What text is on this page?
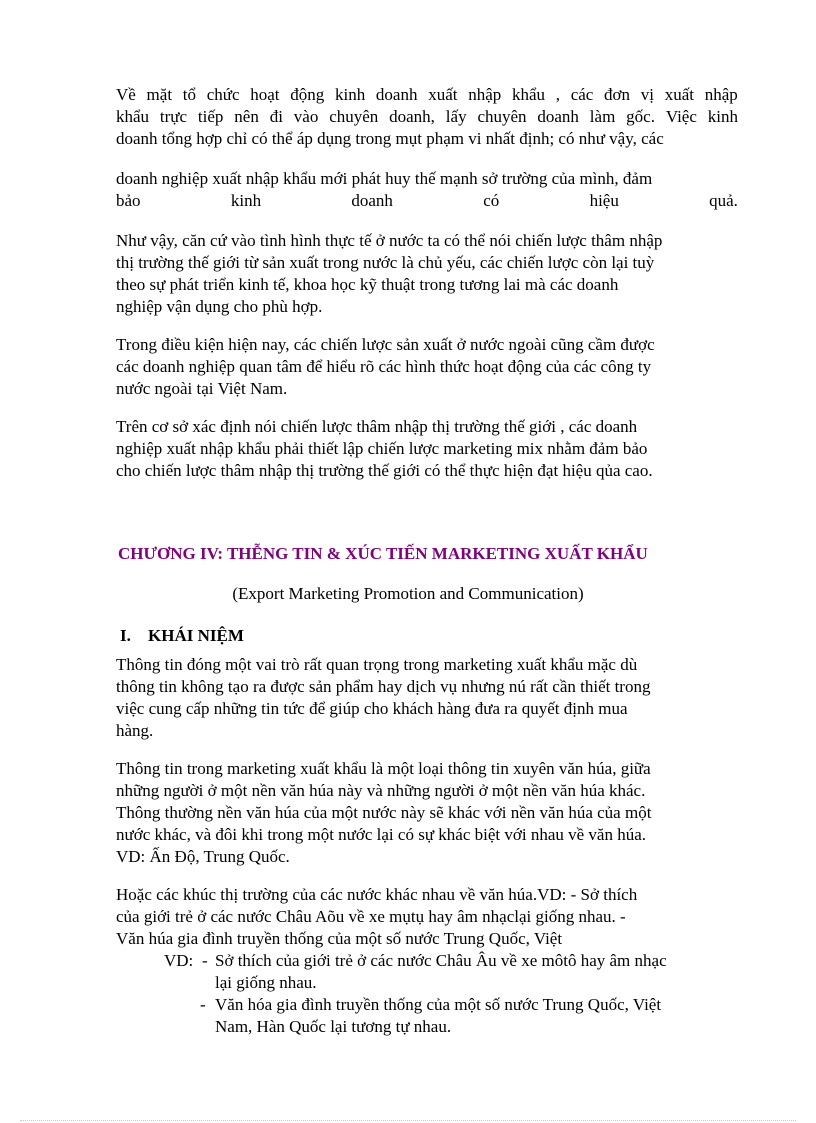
Về mặt tổ chức hoạt động kinh doanh xuất nhập khẩu , các đơn vị xuất nhập
khẩu trực tiếp nên đi vào chuyên doanh, lấy chuyên doanh làm gốc. Việc kinh
doanh tổng hợp chỉ có thể áp dụng trong mụt phạm vi nhất định; có như vậy, các
doanh nghiệp xuất nhập khẩu mới phát huy thế mạnh sở trường của mình, đảm
bảo	kinh	doanh	có	hiệu	quả.
Như vậy, căn cứ vào tình hình thực tế ở nước ta có thể nói chiến lược thâm nhập
thị trường thế giới từ sản xuất trong nước là chủ yếu, các chiến lược còn lại tuỳ
theo sự phát triển kinh tế, khoa học kỹ thuật trong tương lai mà các doanh
nghiệp vận dụng cho phù hợp.
Trong điều kiện hiện nay, các chiến lược sản xuất ở nước ngoài cũng cầm được
các doanh nghiệp quan tâm để hiểu rõ các hình thức hoạt động của các công ty
nước ngoài tại Việt Nam.
Trên cơ sở xác định nói chiến lược thâm nhập thị trường thế giới , các doanh
nghiệp xuất nhập khẩu phải thiết lập chiến lược marketing mix nhằm đảm bảo
cho chiến lược thâm nhập thị trường thế giới có thể thực hiện đạt hiệu qủa cao.
CHƯƠNG IV: THỄNG TIN & XÚC TIẾN MARKETING XUẤT KHẨU
(Export Marketing Promotion and Communication)
I. KHÁI NIỆM
Thông tin đóng một vai trò rất quan trọng trong marketing xuất khẩu mặc dù
thông tin không tạo ra được sản phẩm hay dịch vụ nhưng nú rất cần thiết trong
việc cung cấp những tin tức để giúp cho khách hàng đưa ra quyết định mua
hàng.
Thông tin trong marketing xuất khẩu là một loại thông tin xuyên văn húa, giữa
những người ở một nền văn húa này và những người ở một nền văn húa khác.
Thông thường nền văn húa của một nước này sẽ khác với nền văn húa của một
nước khác, và đôi khi trong một nước lại có sự khác biệt với nhau về văn húa.
VD: Ấn Độ, Trung Quốc.
Hoặc các khúc thị trường của các nước khác nhau về văn húa.VD: - Sở thích
của giới trẻ ở các nước Châu Aõu về xe mụtụ hay âm nhạclại giống nhau. -
Văn húa gia đình truyền thống của một số nước Trung Quốc, Việt
VD: - Sở thích của giới trẻ ở các nước Châu Âu về xe môtô hay âm nhạc
lại giống nhau.
- Văn hóa gia đình truyền thống của một số nước Trung Quốc, Việt
Nam, Hàn Quốc lại tương tự nhau.
